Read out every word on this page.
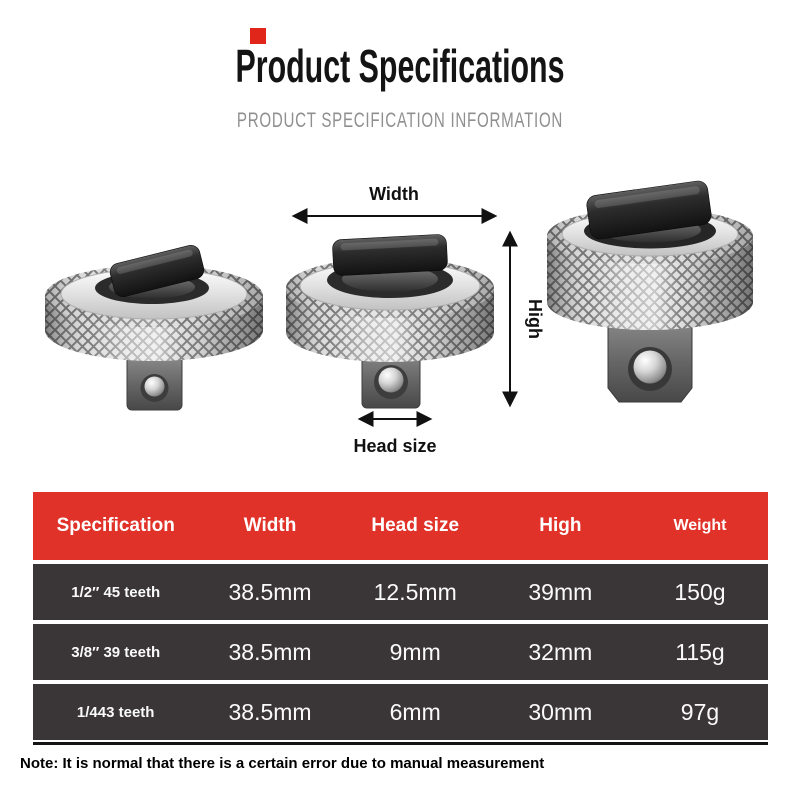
Product Specifications
PRODUCT SPECIFICATION INFORMATION
Width
High
Head size
Specification	Width	Head size	High	Weight
1/2″ 45 teeth	38.5mm	12.5mm	39mm	150g
3/8″ 39 teeth	38.5mm	9mm	32mm	115g
1/443 teeth	38.5mm	6mm	30mm	97g
Note: It is normal that there is a certain error due to manual measurement
